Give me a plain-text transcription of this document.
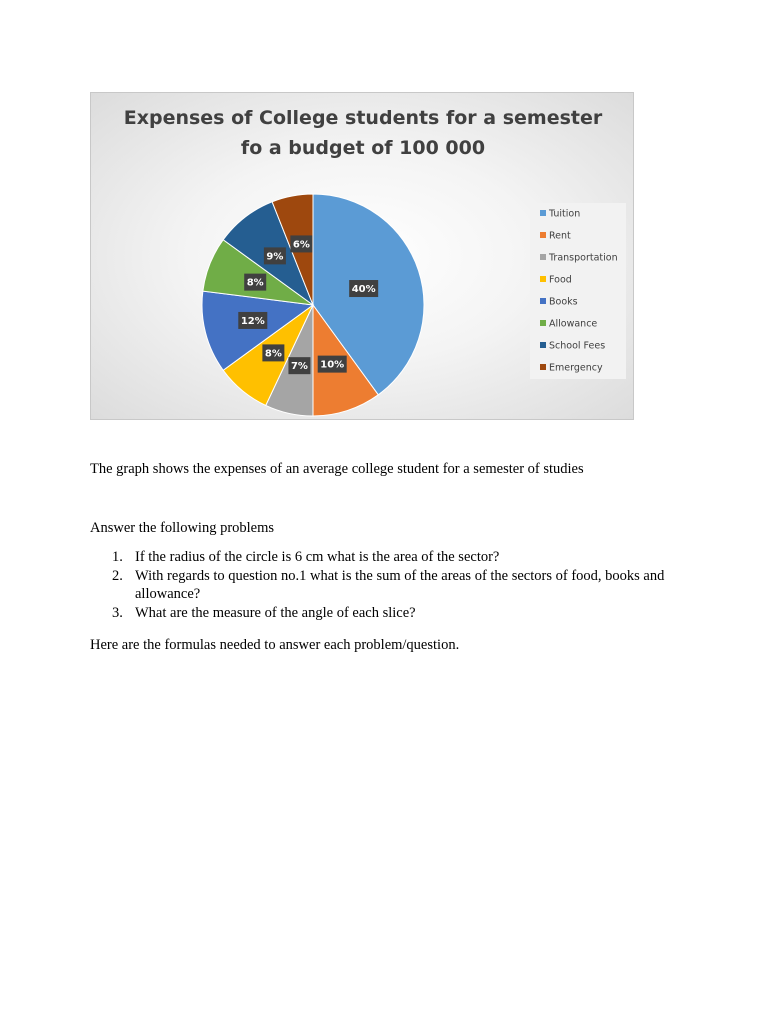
Expenses of College students for a semester
fo a budget of 100 000
40%
10%
7%
8%
12%
8%
9%
6%
Tuition
Rent
Transportation
Food
Books
Allowance
School Fees
Emergency

The graph shows the expenses of an average college student for a semester of studies

Answer the following problems

1. If the radius of the circle is 6 cm what is the area of the sector?
2. With regards to question no.1 what is the sum of the areas of the sectors of food, books and allowance?
3. What are the measure of the angle of each slice?

Here are the formulas needed to answer each problem/question.
